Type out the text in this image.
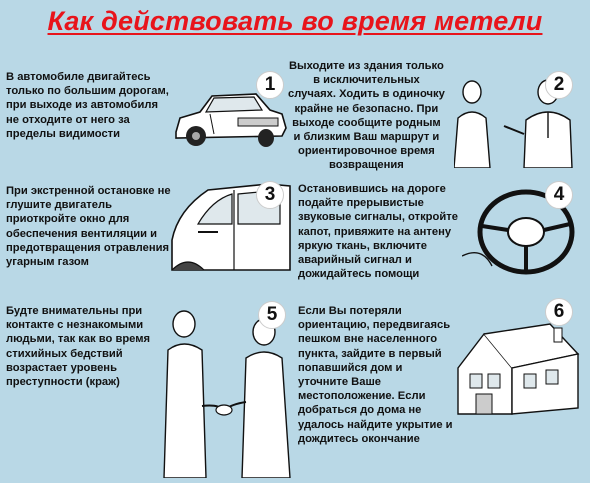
Как действовать во время метели
В автомобиле двигайтесь
только по большим дорогам,
при выходе из автомобиля
не отходите от него за
пределы видимости
1
Выходите из здания только
в исключительных
случаях. Ходить в одиночку
крайне не безопасно. При
выходе сообщите родным
и близким Ваш маршрут и
ориентировочное время
возвращения
2
При экстренной остановке не
глушите двигатель
приоткройте окно для
обеспечения вентиляции и
предотвращения отравления
угарным газом
3	Остановившись на дороге
подайте прерывистые
звуковые сигналы, откройте
капот, привяжите на антену
яркую ткань, включите
аварийный сигнал и
дожидайтесь помощи
4
Будте внимательны при
контакте с незнакомыми
людьми, так как во время
стихийных бедствий
возрастает уровень
преступности (краж)
5	Если Вы потеряли
ориентацию, передвигаясь
пешком вне населенного
пункта, зайдите в первый
попавшийся дом и
уточните Ваше
местоположение. Если
добраться до дома не
удалось найдите укрытие и
дождитесь окончание
6
